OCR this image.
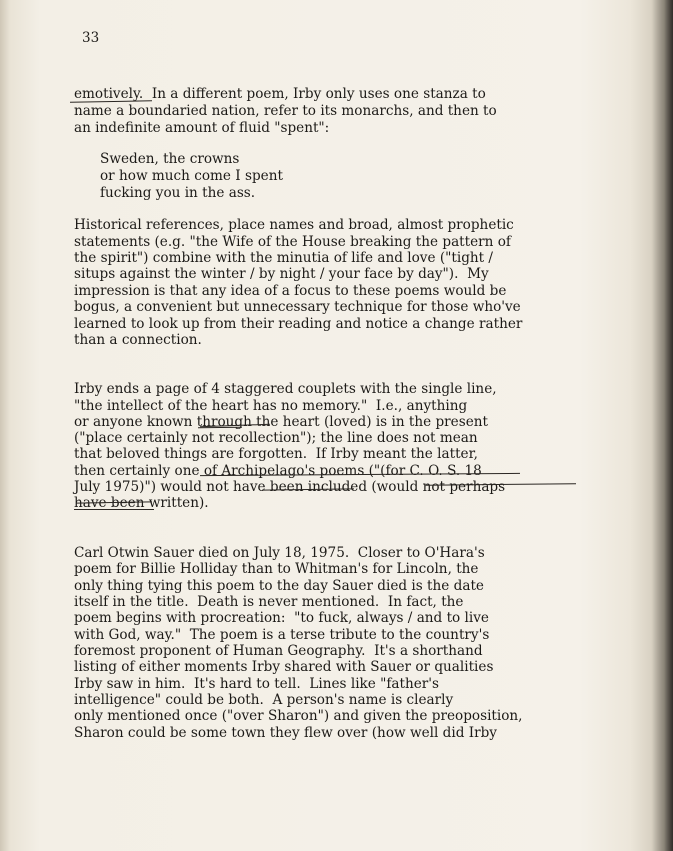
33

emotively.  In a different poem, Irby only uses one stanza to

name a boundaried nation, refer to its monarchs, and then to

an indefinite amount of fluid "spent":

Sweden, the crowns

or how much come I spent

fucking you in the ass.

Historical references, place names and broad, almost prophetic

statements (e.g. "the Wife of the House breaking the pattern of

the spirit") combine with the minutia of life and love ("tight /

situps against the winter / by night / your face by day").  My

impression is that any idea of a focus to these poems would be

bogus, a convenient but unnecessary technique for those who've

learned to look up from their reading and notice a change rather

than a connection.

Irby ends a page of 4 staggered couplets with the single line,

"the intellect of the heart has no memory."  I.e., anything

or anyone known through the heart (loved) is in the present

("place certainly not recollection"); the line does not mean

that beloved things are forgotten.  If Irby meant the latter,

then certainly one of Archipelago's poems ("(for C. O. S. 18

July 1975)") would not have been included (would not perhaps

have been written).

Carl Otwin Sauer died on July 18, 1975.  Closer to O'Hara's

poem for Billie Holliday than to Whitman's for Lincoln, the

only thing tying this poem to the day Sauer died is the date

itself in the title.  Death is never mentioned.  In fact, the

poem begins with procreation:  "to fuck, always / and to live

with God, way."  The poem is a terse tribute to the country's

foremost proponent of Human Geography.  It's a shorthand

listing of either moments Irby shared with Sauer or qualities

Irby saw in him.  It's hard to tell.  Lines like "father's

intelligence" could be both.  A person's name is clearly

only mentioned once ("over Sharon") and given the preoposition,

Sharon could be some town they flew over (how well did Irby
